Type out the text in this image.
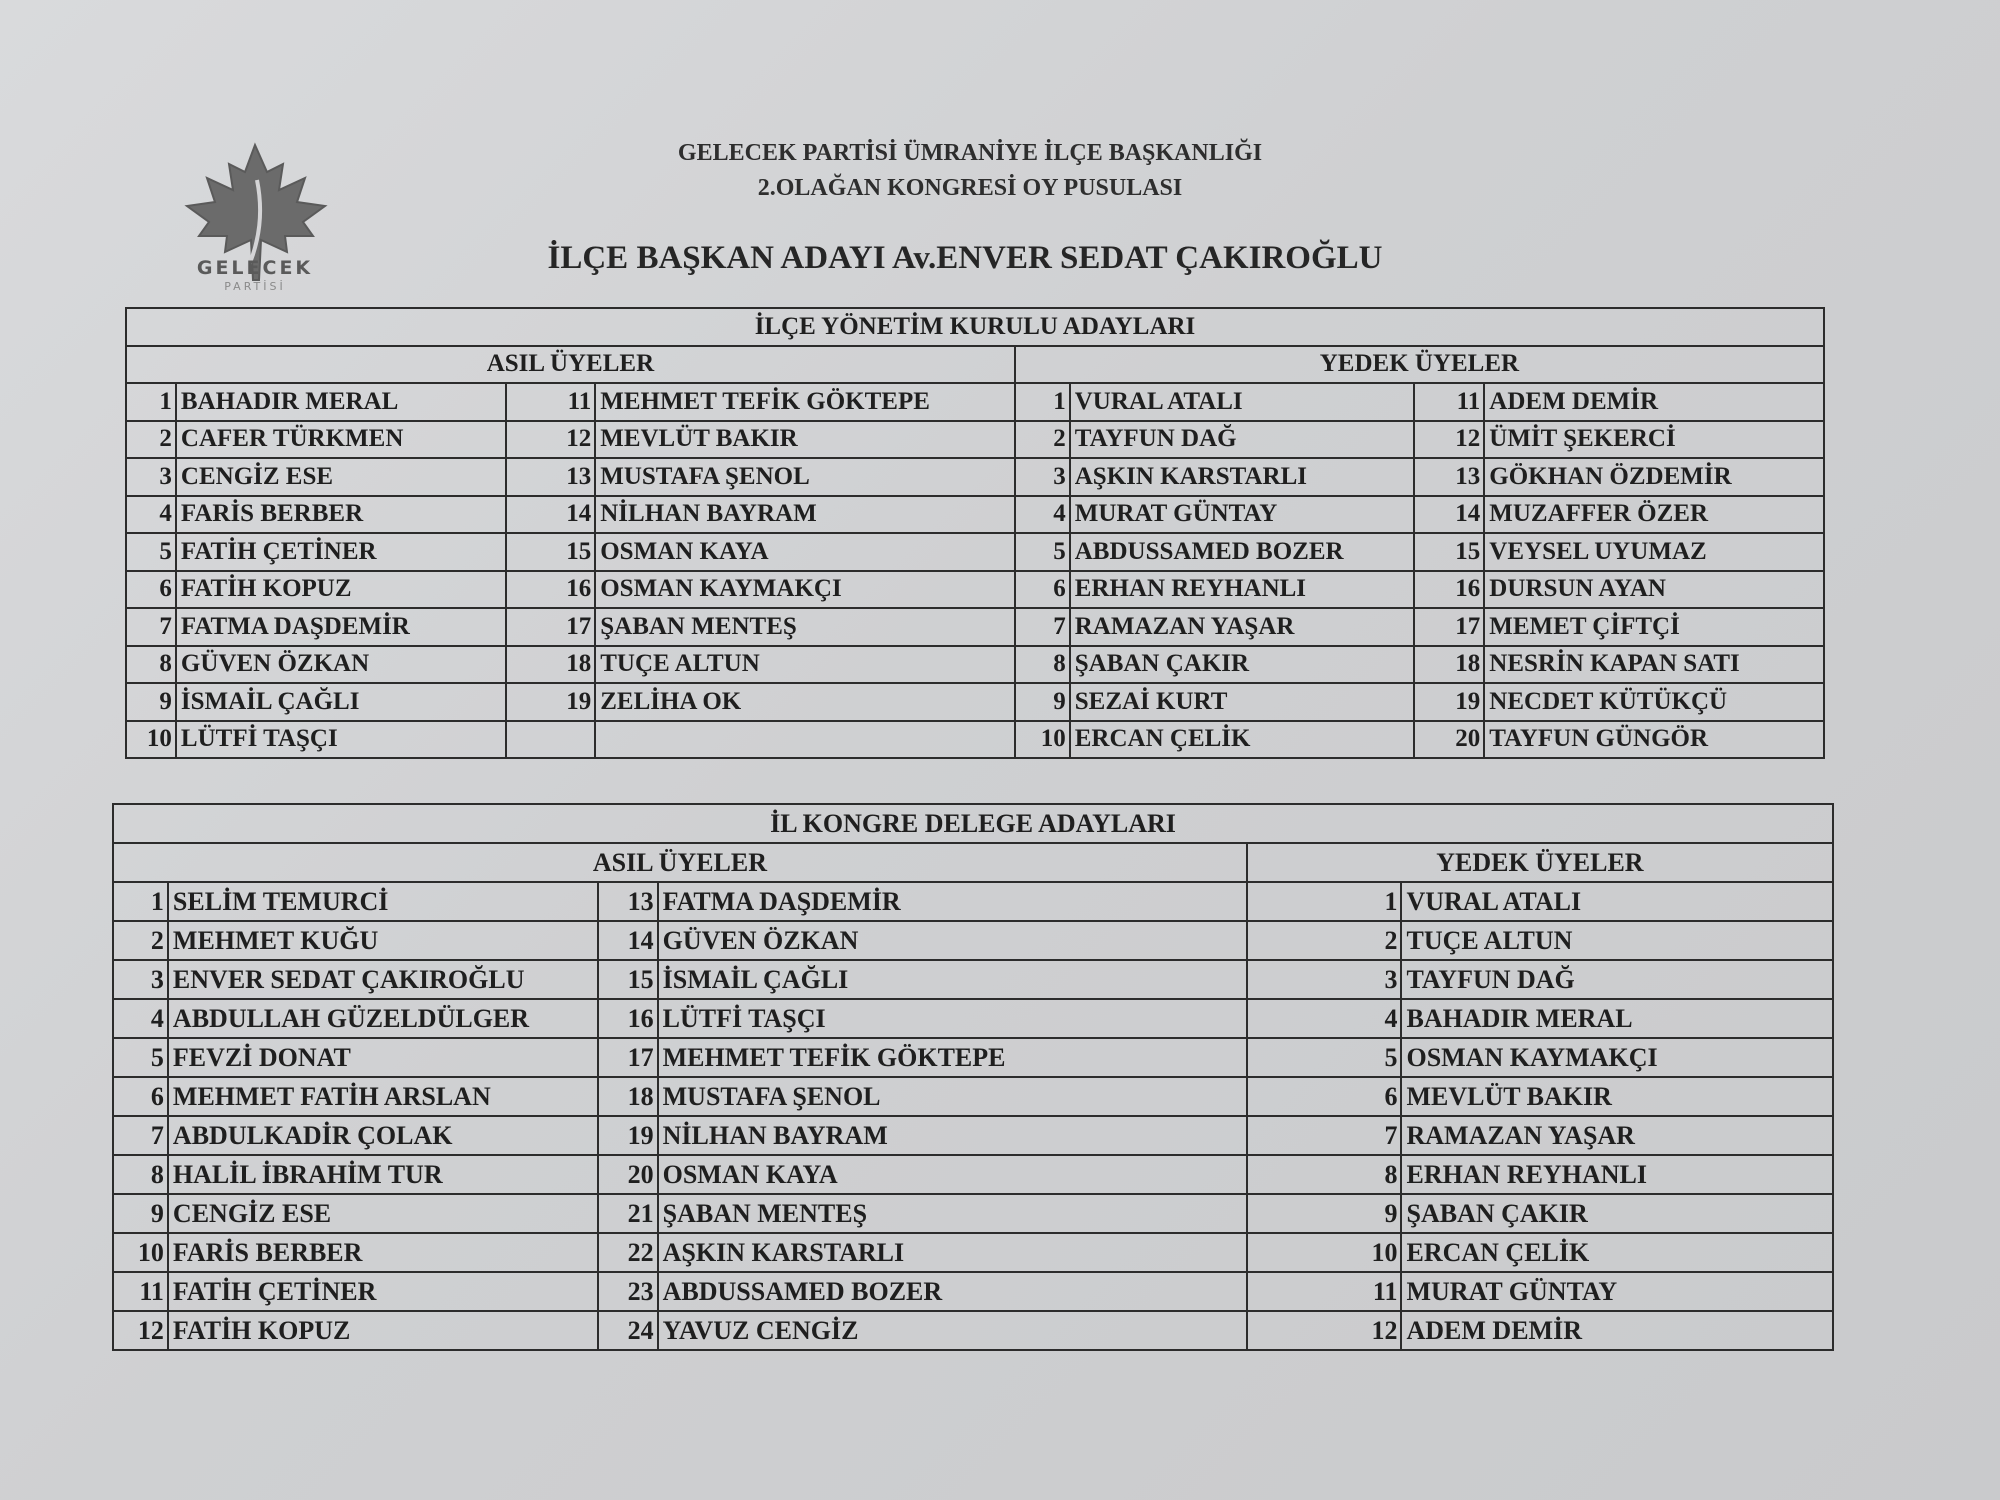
GELECEK
PARTİSİ
GELECEK PARTİSİ ÜMRANİYE İLÇE BAŞKANLIĞI
2.OLAĞAN KONGRESİ OY PUSULASI
İLÇE BAŞKAN ADAYI Av.ENVER SEDAT ÇAKIROĞLU
İLÇE YÖNETİM KURULU ADAYLARI							
ASIL ÜYELER				YEDEK ÜYELER			
1	BAHADIR MERAL	11	MEHMET TEFİK GÖKTEPE	1	VURAL ATALI	11	ADEM DEMİR
2	CAFER TÜRKMEN	12	MEVLÜT BAKIR	2	TAYFUN DAĞ	12	ÜMİT ŞEKERCİ
3	CENGİZ ESE	13	MUSTAFA ŞENOL	3	AŞKIN KARSTARLI	13	GÖKHAN ÖZDEMİR
4	FARİS BERBER	14	NİLHAN BAYRAM	4	MURAT GÜNTAY	14	MUZAFFER ÖZER
5	FATİH ÇETİNER	15	OSMAN KAYA	5	ABDUSSAMED BOZER	15	VEYSEL UYUMAZ
6	FATİH KOPUZ	16	OSMAN KAYMAKÇI	6	ERHAN REYHANLI	16	DURSUN AYAN
7	FATMA DAŞDEMİR	17	ŞABAN MENTEŞ	7	RAMAZAN YAŞAR	17	MEMET ÇİFTÇİ
8	GÜVEN ÖZKAN	18	TUÇE ALTUN	8	ŞABAN ÇAKIR	18	NESRİN KAPAN SATI
9	İSMAİL ÇAĞLI	19	ZELİHA OK	9	SEZAİ KURT	19	NECDET KÜTÜKÇÜ
10	LÜTFİ TAŞÇI			10	ERCAN ÇELİK	20	TAYFUN GÜNGÖR
İL KONGRE DELEGE ADAYLARI					
ASIL ÜYELER				YEDEK ÜYELER	
1	SELİM TEMURCİ	13	FATMA DAŞDEMİR	1	VURAL ATALI
2	MEHMET KUĞU	14	GÜVEN ÖZKAN	2	TUÇE ALTUN
3	ENVER SEDAT ÇAKIROĞLU	15	İSMAİL ÇAĞLI	3	TAYFUN DAĞ
4	ABDULLAH GÜZELDÜLGER	16	LÜTFİ TAŞÇI	4	BAHADIR MERAL
5	FEVZİ DONAT	17	MEHMET TEFİK GÖKTEPE	5	OSMAN KAYMAKÇI
6	MEHMET FATİH ARSLAN	18	MUSTAFA ŞENOL	6	MEVLÜT BAKIR
7	ABDULKADİR ÇOLAK	19	NİLHAN BAYRAM	7	RAMAZAN YAŞAR
8	HALİL İBRAHİM TUR	20	OSMAN KAYA	8	ERHAN REYHANLI
9	CENGİZ ESE	21	ŞABAN MENTEŞ	9	ŞABAN ÇAKIR
10	FARİS BERBER	22	AŞKIN KARSTARLI	10	ERCAN ÇELİK
11	FATİH ÇETİNER	23	ABDUSSAMED BOZER	11	MURAT GÜNTAY
12	FATİH KOPUZ	24	YAVUZ CENGİZ	12	ADEM DEMİR
